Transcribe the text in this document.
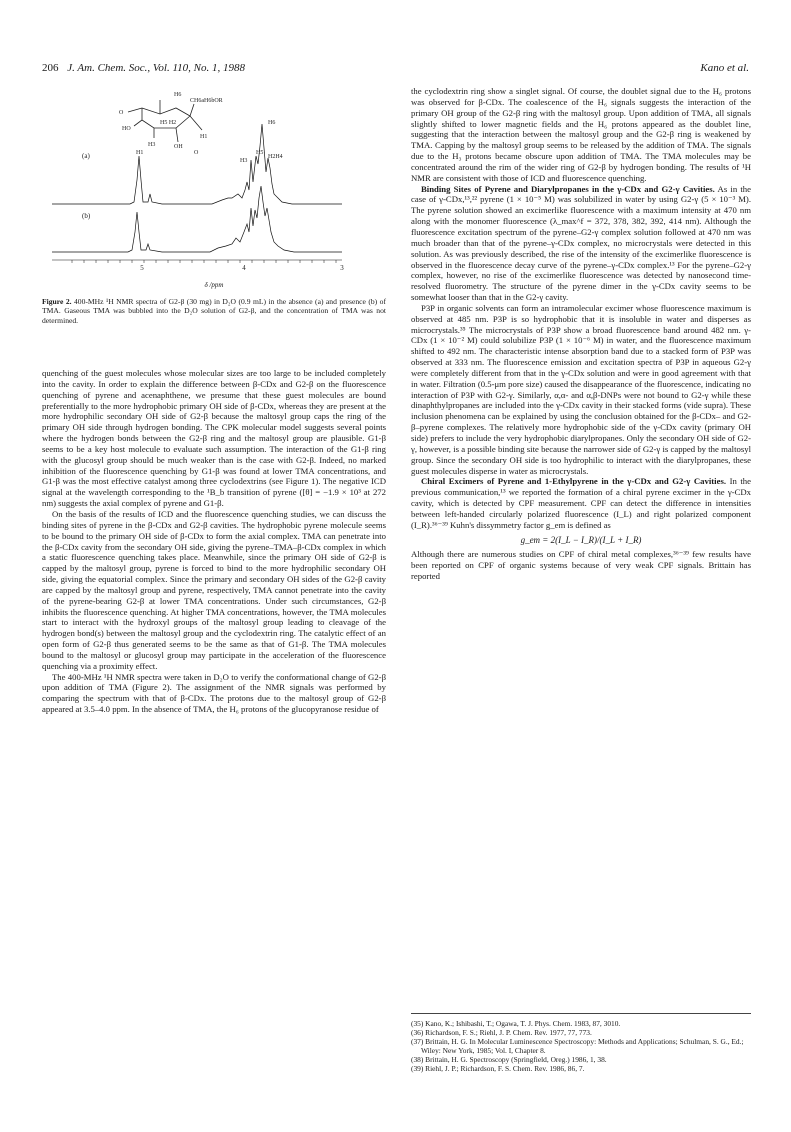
206 J. Am. Chem. Soc., Vol. 110, No. 1, 1988	Kano et al.
H6
CH6aH6bOR
O
H5 H2
HO
H3	OH
H1
O
(a)	H1
H6
H5
H2H4
H3
(b)
5	4	3
δ /ppm
Figure 2. 400-MHz ¹H NMR spectra of G2-β (30 mg) in D₂O (0.9 mL) in the absence (a) and presence (b) of TMA. Gaseous TMA was bubbled into the D₂O solution of G2-β, and the concentration of TMA was not determined.

quenching of the guest molecules whose molecular sizes are too large to be included completely into the cavity. In order to explain the difference between β-CDx and G2-β on the fluorescence quenching of pyrene and acenaphthene, we presume that these guest molecules are bound preferentially to the more hydrophobic primary OH side of β-CDx, whereas they are present at the more hydrophilic secondary OH side of G2-β because the maltosyl group caps the ring of the primary OH side through hydrogen bonding. The CPK molecular model suggests several points where the hydrogen bonds between the G2-β ring and the maltosyl group are plausible. G1-β seems to be a key host molecule to evaluate such assumption. The interaction of the G1-β ring with the glucosyl group should be much weaker than is the case with G2-β. Indeed, no marked inhibition of the fluorescence quenching by G1-β was found at lower TMA concentrations, and G1-β was the most effective catalyst among three cyclodextrins (see Figure 1). The negative ICD signal at the wavelength corresponding to the ¹B_b transition of pyrene ([θ] = −1.9 × 10³ at 272 nm) suggests the axial complex of pyrene and G1-β.

On the basis of the results of ICD and the fluorescence quenching studies, we can discuss the binding sites of pyrene in the β-CDx and G2-β cavities. The hydrophobic pyrene molecule seems to be bound to the primary OH side of β-CDx to form the axial complex. TMA can penetrate into the β-CDx cavity from the secondary OH side, giving the pyrene–TMA–β-CDx complex in which a static fluorescence quenching takes place. Meanwhile, since the primary OH side of G2-β is capped by the maltosyl group, pyrene is forced to bind to the more hydrophilic secondary OH side, giving the equatorial complex. Since the primary and secondary OH sides of the G2-β cavity are capped by the maltosyl group and pyrene, respectively, TMA cannot penetrate into the cavity of the pyrene-bearing G2-β at lower TMA concentrations. Under such circumstances, G2-β inhibits the fluorescence quenching. At higher TMA concentrations, however, the TMA molecules start to interact with the hydroxyl groups of the maltosyl group leading to cleavage of the hydrogen bond(s) between the maltosyl group and the cyclodextrin ring. The catalytic effect of an open form of G2-β thus generated seems to be the same as that of G1-β. The TMA molecules bound to the maltosyl or glucosyl group may participate in the acceleration of the fluorescence quenching via a proximity effect.

The 400-MHz ¹H NMR spectra were taken in D₂O to verify the conformational change of G2-β upon addition of TMA (Figure 2). The assignment of the NMR signals was performed by comparing the spectrum with that of β-CDx. The protons due to the maltosyl group of G2-β appeared at 3.5–4.0 ppm. In the absence of TMA, the H₆ protons of the glucopyranose residue of

the cyclodextrin ring show a singlet signal. Of course, the doublet signal due to the H₆ protons was observed for β-CDx. The coalescence of the H₆ signals suggests the interaction of the primary OH group of the G2-β ring with the maltosyl group. Upon addition of TMA, all signals slightly shifted to lower magnetic fields and the H₆ protons appeared as the doublet line, suggesting that the interaction between the maltosyl group and the G2-β ring is weakened by TMA. Capping by the maltosyl group seems to be released by the addition of TMA. The signals due to the H₃ protons became obscure upon addition of TMA. The TMA molecules may be concentrated around the rim of the wider ring of G2-β by hydrogen bonding. The results of ¹H NMR are consistent with those of ICD and fluorescence quenching.

Binding Sites of Pyrene and Diarylpropanes in the γ-CDx and G2-γ Cavities. As in the case of γ-CDx,¹³,²² pyrene (1 × 10⁻⁵ M) was solubilized in water by using G2-γ (5 × 10⁻³ M). The pyrene solution showed an excimerlike fluorescence with a maximum intensity at 470 nm along with the monomer fluorescence (λ_max^f = 372, 378, 382, 392, 414 nm). Although the fluorescence excitation spectrum of the pyrene–G2-γ complex solution followed at 470 nm was much broader than that of the pyrene–γ-CDx complex, no microcrystals were detected in this solution. As was previously described, the rise of the intensity of the excimerlike fluorescence is observed in the fluorescence decay curve of the pyrene–γ-CDx complex.¹³ For the pyrene–G2-γ complex, however, no rise of the excimerlike fluorescence was detected by nanosecond time-resolved fluorometry. The structure of the pyrene dimer in the γ-CDx cavity seems to be somewhat looser than that in the G2-γ cavity.

P3P in organic solvents can form an intramolecular excimer whose fluorescence maximum is observed at 485 nm. P3P is so hydrophobic that it is insoluble in water and disperses as microcrystals.³⁵ The microcrystals of P3P show a broad fluorescence band around 482 nm. γ-CDx (1 × 10⁻² M) could solubilize P3P (1 × 10⁻⁶ M) in water, and the fluorescence maximum shifted to 492 nm. The characteristic intense absorption band due to a stacked form of P3P was observed at 333 nm. The fluorescence emission and excitation spectra of P3P in aqueous G2-γ were completely different from that in the γ-CDx solution and were in good agreement with that in water. Filtration (0.5-μm pore size) caused the disappearance of the fluorescence, indicating no interaction of P3P with G2-γ. Similarly, α,α- and α,β-DNPs were not bound to G2-γ while these dinaphthylpropanes are included into the γ-CDx cavity in their stacked forms (vide supra). These inclusion phenomena can be explained by using the conclusion obtained for the β-CDx– and G2-β–pyrene complexes. The relatively more hydrophobic side of the γ-CDx cavity (primary OH side) prefers to include the very hydrophobic diarylpropanes. Only the secondary OH side of G2-γ, however, is a possible binding site because the narrower side of G2-γ is capped by the maltosyl group. Since the secondary OH side is too hydrophilic to interact with the diarylpropanes, these guest molecules disperse in water as microcrystals.

Chiral Excimers of Pyrene and 1-Ethylpyrene in the γ-CDx and G2-γ Cavities. In the previous communication,¹³ we reported the formation of a chiral pyrene excimer in the γ-CDx cavity, which is detected by CPF measurement. CPF can detect the difference in intensities between left-handed circularly polarized fluorescence (I_L) and right polarized component (I_R).³⁶⁻³⁹ Kuhn's dissymmetry factor g_em is defined as

g_em = 2(I_L − I_R)/(I_L + I_R)

Although there are numerous studies on CPF of chiral metal complexes,³⁶⁻³⁹ few results have been reported on CPF of organic systems because of very weak CPF signals. Brittain has reported

(35) Kano, K.; Ishibashi, T.; Ogawa, T. J. Phys. Chem. 1983, 87, 3010.
(36) Richardson, F. S.; Riehl, J. P. Chem. Rev. 1977, 77, 773.
(37) Brittain, H. G. In Molecular Luminescence Spectroscopy: Methods and Applications; Schulman, S. G., Ed.; Wiley: New York, 1985; Vol. I, Chapter 8.
(38) Brittain, H. G. Spectroscopy (Springfield, Oreg.) 1986, 1, 38.
(39) Riehl, J. P.; Richardson, F. S. Chem. Rev. 1986, 86, 7.
